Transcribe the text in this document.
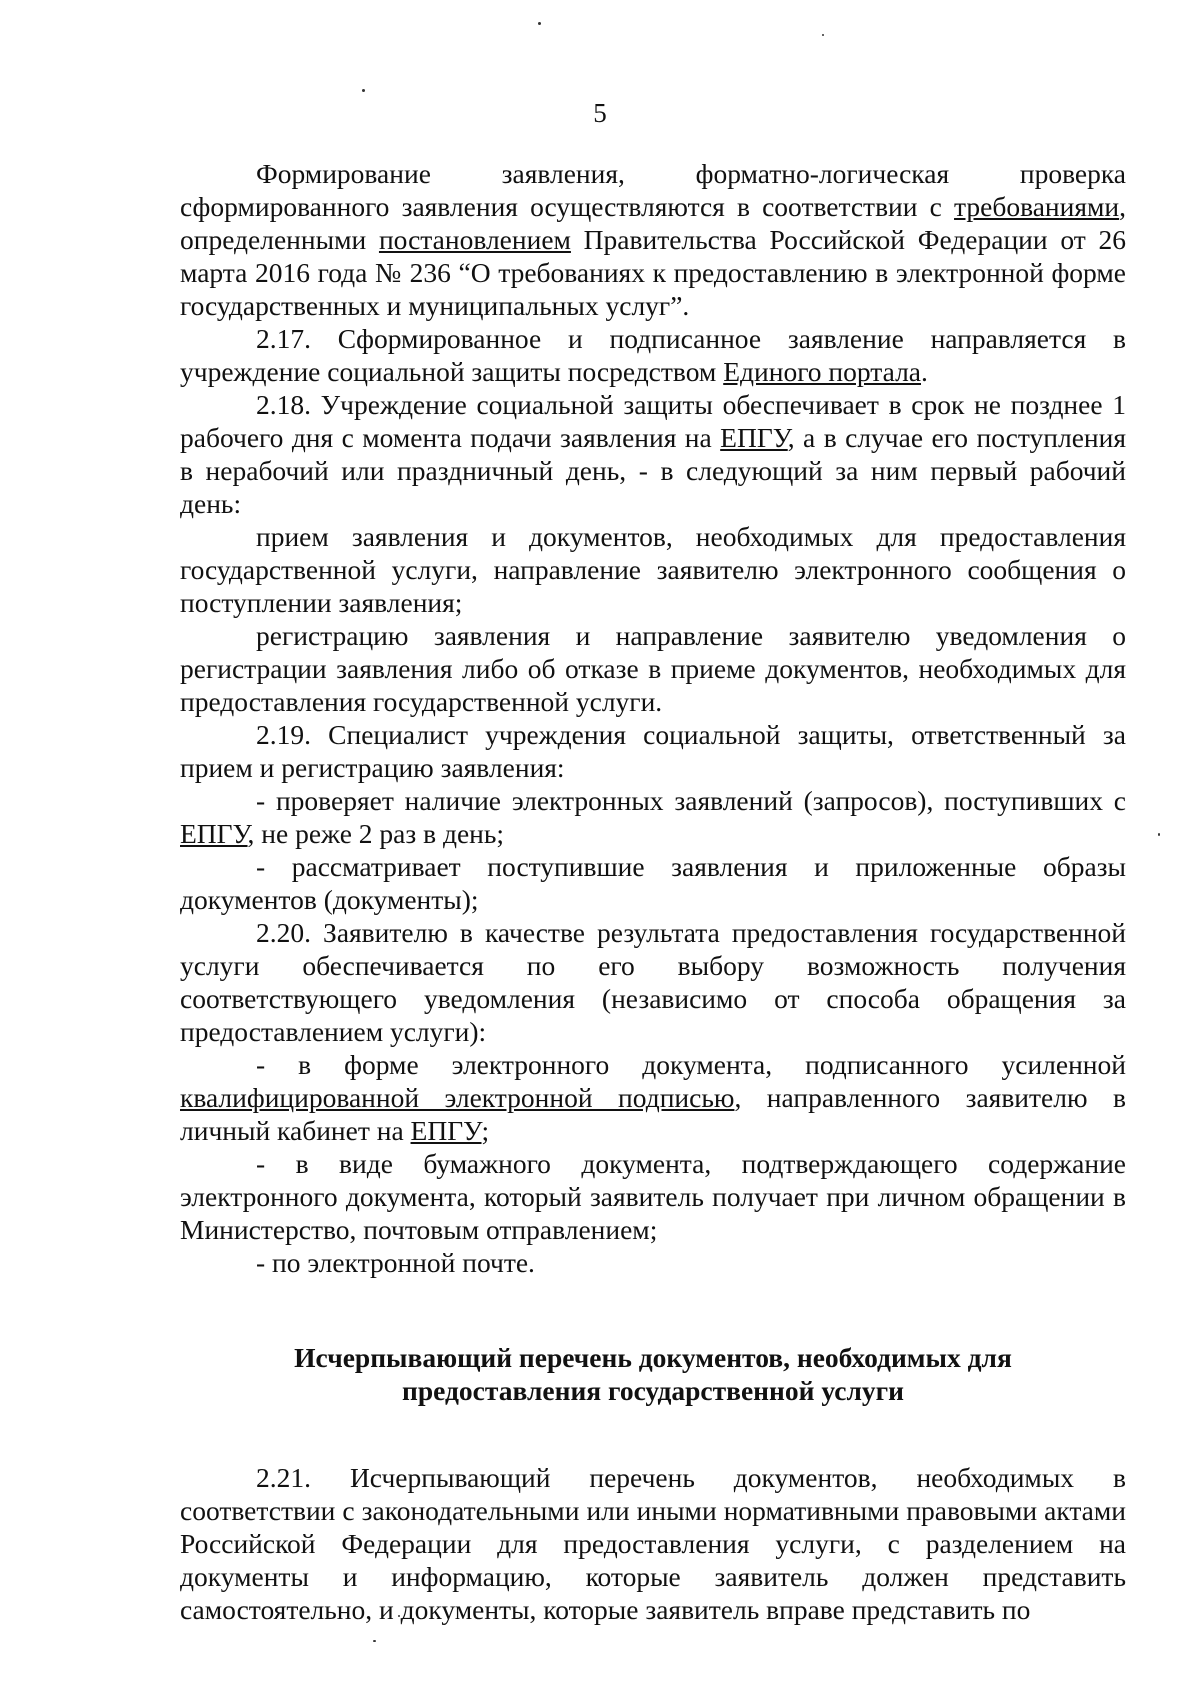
5

Формирование заявления, форматно-логическая проверка сформированного заявления осуществляются в соответствии с требованиями, определенными постановлением Правительства Российской Федерации от 26 марта 2016 года № 236 “О требованиях к предоставлению в электронной форме государственных и муниципальных услуг”.

2.17. Сформированное и подписанное заявление направляется в учреждение социальной защиты посредством Единого портала.

2.18. Учреждение социальной защиты обеспечивает в срок не позднее 1 рабочего дня с момента подачи заявления на ЕПГУ, а в случае его поступления в нерабочий или праздничный день, - в следующий за ним первый рабочий день:

прием заявления и документов, необходимых для предоставления государственной услуги, направление заявителю электронного сообщения о поступлении заявления;

регистрацию заявления и направление заявителю уведомления о регистрации заявления либо об отказе в приеме документов, необходимых для предоставления государственной услуги.

2.19. Специалист учреждения социальной защиты, ответственный за прием и регистрацию заявления:

- проверяет наличие электронных заявлений (запросов), поступивших с ЕПГУ, не реже 2 раз в день;

- рассматривает поступившие заявления и приложенные образы документов (документы);

2.20. Заявителю в качестве результата предоставления государственной услуги обеспечивается по его выбору возможность получения соответствующего уведомления (независимо от способа обращения за предоставлением услуги):

- в форме электронного документа, подписанного усиленной квалифицированной электронной подписью, направленного заявителю в личный кабинет на ЕПГУ;

- в виде бумажного документа, подтверждающего содержание электронного документа, который заявитель получает при личном обращении в Министерство, почтовым отправлением;

- по электронной почте.

Исчерпывающий перечень документов, необходимых для
предоставления государственной услуги

2.21. Исчерпывающий перечень документов, необходимых в соответствии с законодательными или иными нормативными правовыми актами Российской Федерации для предоставления услуги, с разделением на документы и информацию, которые заявитель должен представить самостоятельно, и документы, которые заявитель вправе представить по
